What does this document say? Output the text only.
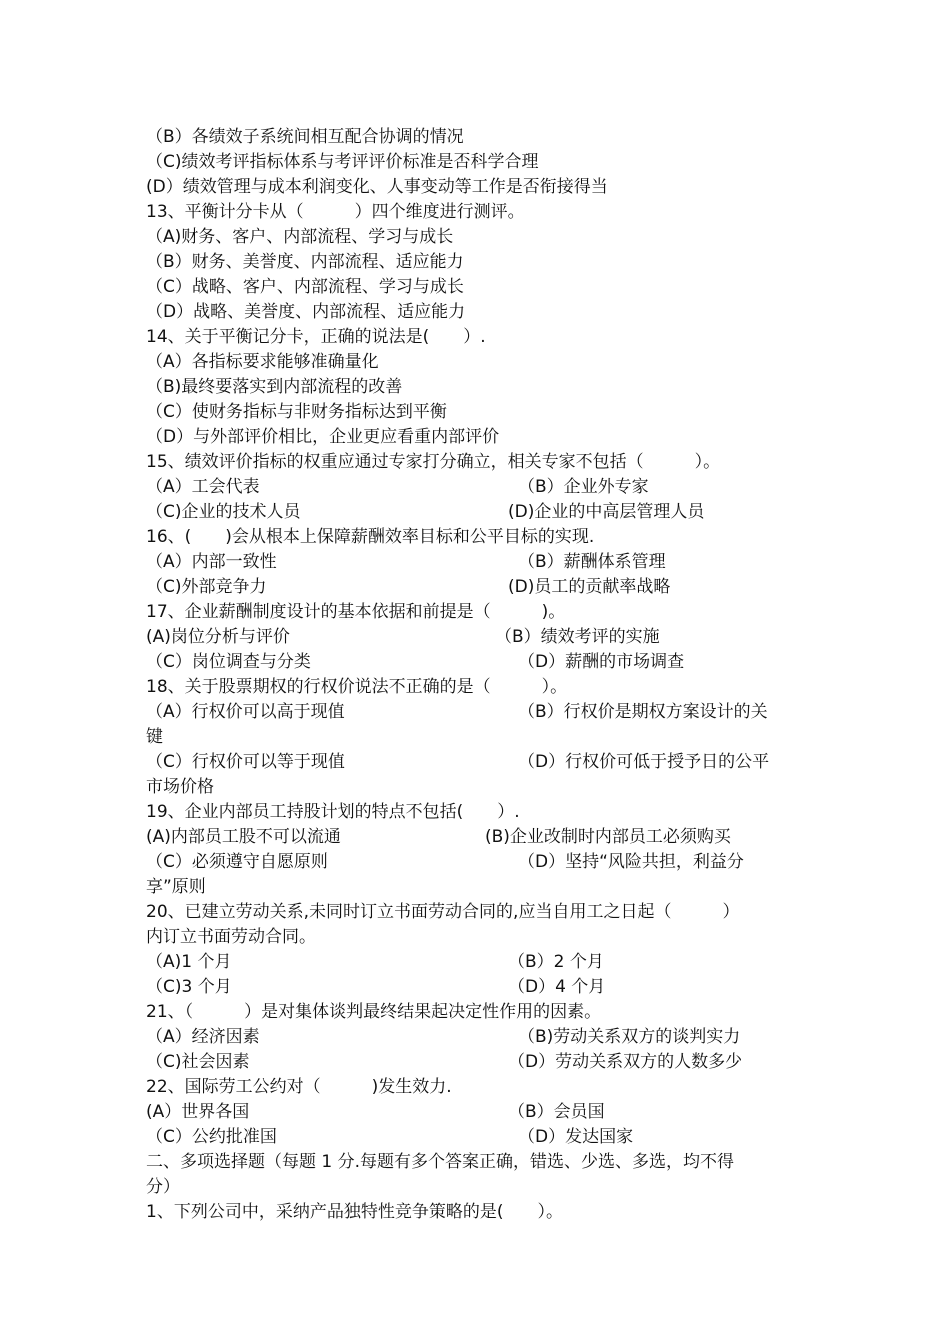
（B）各绩效子系统间相互配合协调的情况
（C)绩效考评指标体系与考评评价标准是否科学合理
(D）绩效管理与成本利润变化、人事变动等工作是否衔接得当
13、平衡计分卡从（　　　）四个维度进行测评。
（A)财务、客户、内部流程、学习与成长
（B）财务、美誉度、内部流程、适应能力
（C）战略、客户、内部流程、学习与成长
（D）战略、美誉度、内部流程、适应能力
14、关于平衡记分卡，正确的说法是(　　）.
（A）各指标要求能够准确量化
（B)最终要落实到内部流程的改善
（C）使财务指标与非财务指标达到平衡
（D）与外部评价相比，企业更应看重内部评价
15、绩效评价指标的权重应通过专家打分确立，相关专家不包括（　　　）。
（A）工会代表	（B）企业外专家
（C)企业的技术人员	(D)企业的中高层管理人员
16、(　　)会从根本上保障薪酬效率目标和公平目标的实现.
（A）内部一致性	（B）薪酬体系管理
（C)外部竞争力	(D)员工的贡献率战略
17、企业薪酬制度设计的基本依据和前提是（　　　)。
(A)岗位分析与评价	（B）绩效考评的实施
（C）岗位调查与分类	（D）薪酬的市场调查
18、关于股票期权的行权价说法不正确的是（　　　）。
（A）行权价可以高于现值	（B）行权价是期权方案设计的关
键
（C）行权价可以等于现值	（D）行权价可低于授予日的公平
市场价格
19、企业内部员工持股计划的特点不包括(　　）.
(A)内部员工股不可以流通	(B)企业改制时内部员工必须购买
（C）必须遵守自愿原则	（D）坚持“风险共担，利益分
享”原则
20、已建立劳动关系,未同时订立书面劳动合同的,应当自用工之日起（　　　）
内订立书面劳动合同。
（A)1 个月	（B）2 个月
（C)3 个月	（D）4 个月
21、（　　　）是对集体谈判最终结果起决定性作用的因素。
（A）经济因素	（B)劳动关系双方的谈判实力
（C)社会因素	（D）劳动关系双方的人数多少
22、国际劳工公约对（　　　)发生效力.
(A）世界各国	（B）会员国
（C）公约批准国	（D）发达国家
二、多项选择题（每题 1 分.每题有多个答案正确，错选、少选、多选，均不得
分）
1、下列公司中，采纳产品独特性竞争策略的是(　　）。
